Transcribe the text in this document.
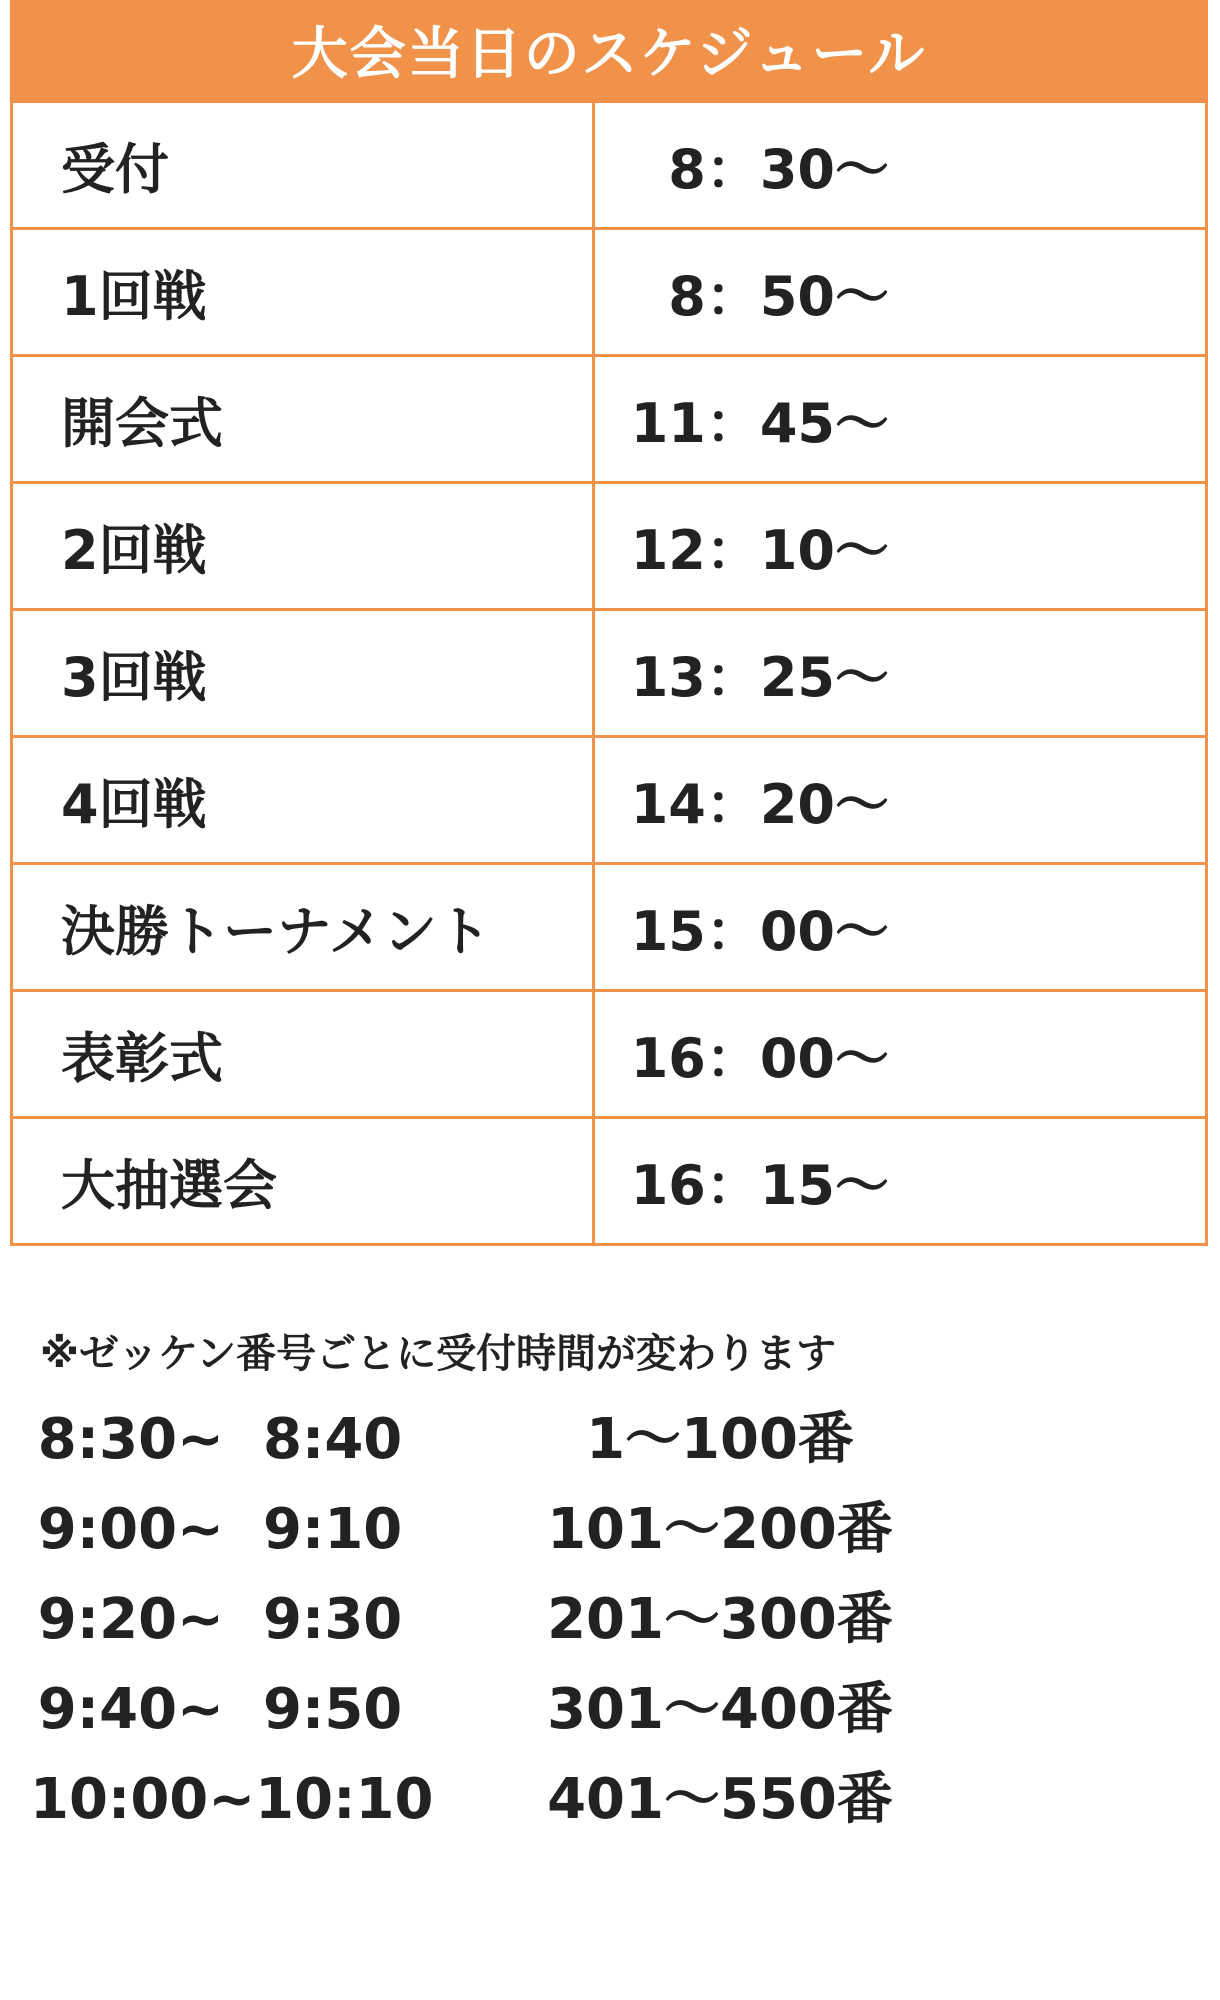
大会当日のスケジュール
受付	8：30〜
1回戦	8：50〜
開会式	11：45〜
2回戦	12：10〜
3回戦	13：25〜
4回戦	14：20〜
決勝トーナメント	15：00〜
表彰式	16：00〜
大抽選会	16：15〜
※ゼッケン番号ごとに受付時間が変わります
8:30~  8:40	1〜100番
9:00~  9:10	101〜200番
9:20~  9:30	201〜300番
9:40~  9:50	301〜400番
10:00~10:10	401〜550番
